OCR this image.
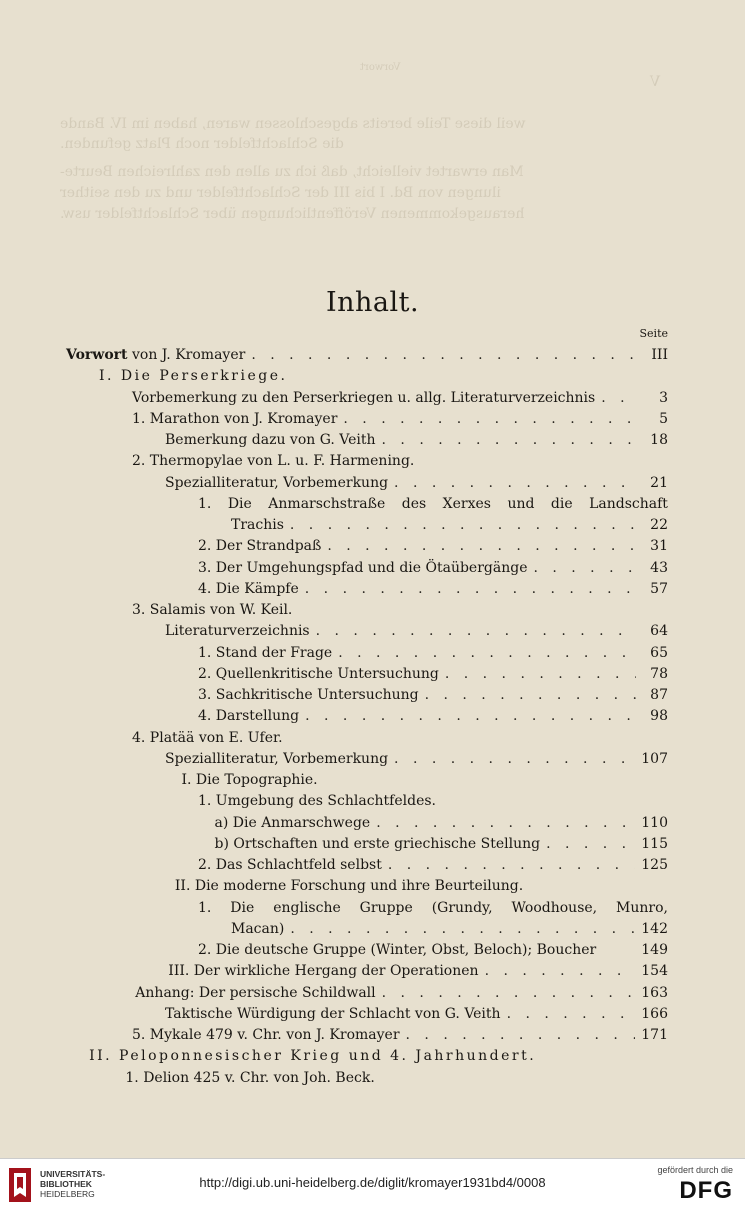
Vorwort
V
weil diese Teile bereits abgeschlossen waren, haben im IV. Bande
die Schlachtfelder noch Platz gefunden.
Man erwartet vielleicht, daß ich zu allen den zahlreichen Beurte-
ilungen von Bd. I bis III der Schlachtfelder und zu den seither
herausgekommenen Veröffentlichungen über Schlachtfelder usw.
Inhalt.
Seite
Vorwort von J. Kromayer . . .	III
I. Die Perserkriege.
Vorbemerkung zu den Perserkriegen u. allg. Literaturverzeichnis . . .	3
1. Marathon von J. Kromayer . . .	5
Bemerkung dazu von G. Veith . . .	18
2. Thermopylae von L. u. F. Harmening.
Spezialliteratur, Vorbemerkung . . .	21
1. Die Anmarschstraße des Xerxes und die Landschaft
Trachis . . .	22
2. Der Strandpaß . . .	31
3. Der Umgehungspfad und die Ötaübergänge . . .	43
4. Die Kämpfe . . .	57
3. Salamis von W. Keil.
Literaturverzeichnis . . .	64
1. Stand der Frage . . .	65
2. Quellenkritische Untersuchung . . .	78
3. Sachkritische Untersuchung . . .	87
4. Darstellung . . .	98
4. Platää von E. Ufer.
Spezialliteratur, Vorbemerkung . . .	107
I. Die Topographie.
1. Umgebung des Schlachtfeldes.
a) Die Anmarschwege . . .	110
b) Ortschaften und erste griechische Stellung . . .	115
2. Das Schlachtfeld selbst . . .	125
II. Die moderne Forschung und ihre Beurteilung.
1. Die englische Gruppe (Grundy, Woodhouse, Munro,
Macan) . . .	142
2. Die deutsche Gruppe (Winter, Obst, Beloch); Boucher	149
III. Der wirkliche Hergang der Operationen . . .	154
Anhang: Der persische Schildwall . . .	163
Taktische Würdigung der Schlacht von G. Veith . . .	166
5. Mykale 479 v. Chr. von J. Kromayer . . .	171
II. Peloponnesischer Krieg und 4. Jahrhundert.
1. Delion 425 v. Chr. von Joh. Beck.
UNIVERSITÄTS-
BIBLIOTHEK
HEIDELBERG
http://digi.ub.uni-heidelberg.de/diglit/kromayer1931bd4/0008
gefördert durch die
DFG
